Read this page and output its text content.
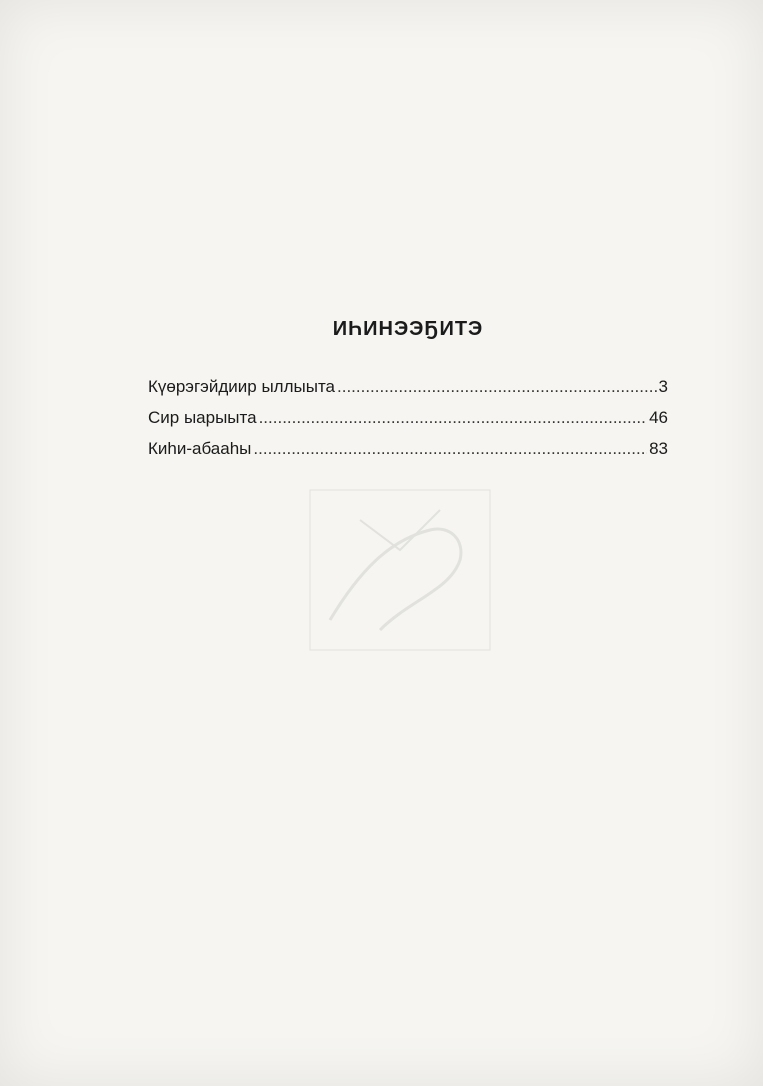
ИҺИНЭЭҔИТЭ
Күөрэгэйдиир ыллыыта .....	3
Сир ыарыыта .....	46
Киhи-абааhы .....	83
